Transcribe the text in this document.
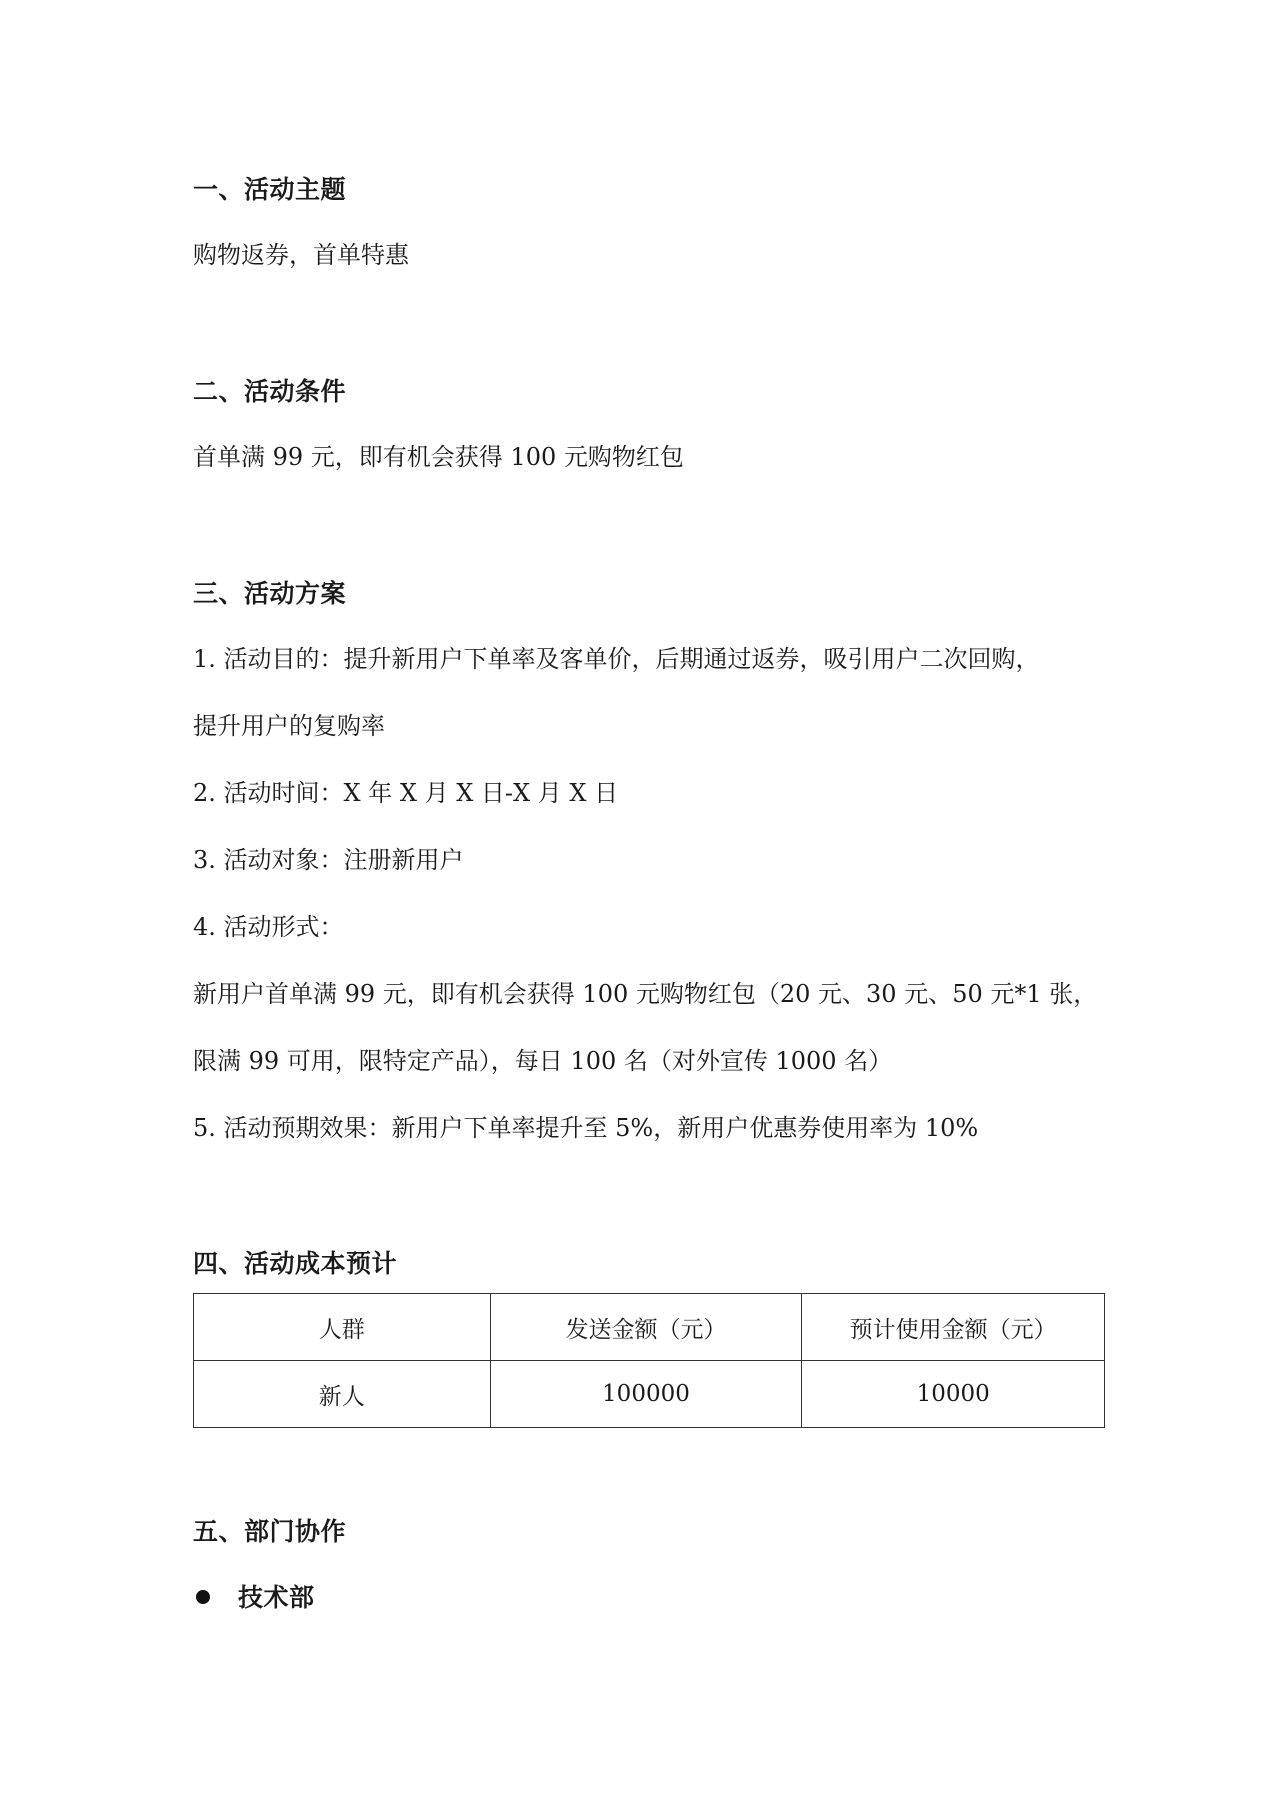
一、活动主题

购物返券，首单特惠

二、活动条件

首单满 99 元，即有机会获得 100 元购物红包

三、活动方案

1. 活动目的：提升新用户下单率及客单价，后期通过返券，吸引用户二次回购，

提升用户的复购率

2. 活动时间：X 年 X 月 X 日-X 月 X 日

3. 活动对象：注册新用户

4. 活动形式：

新用户首单满 99 元，即有机会获得 100 元购物红包（20 元、30 元、50 元*1 张，

限满 99 可用，限特定产品），每日 100 名（对外宣传 1000 名）

5. 活动预期效果：新用户下单率提升至 5%，新用户优惠券使用率为 10%

四、活动成本预计
人群	发送金额（元）	预计使用金额（元）
新人	100000	10000
五、部门协作
技术部
